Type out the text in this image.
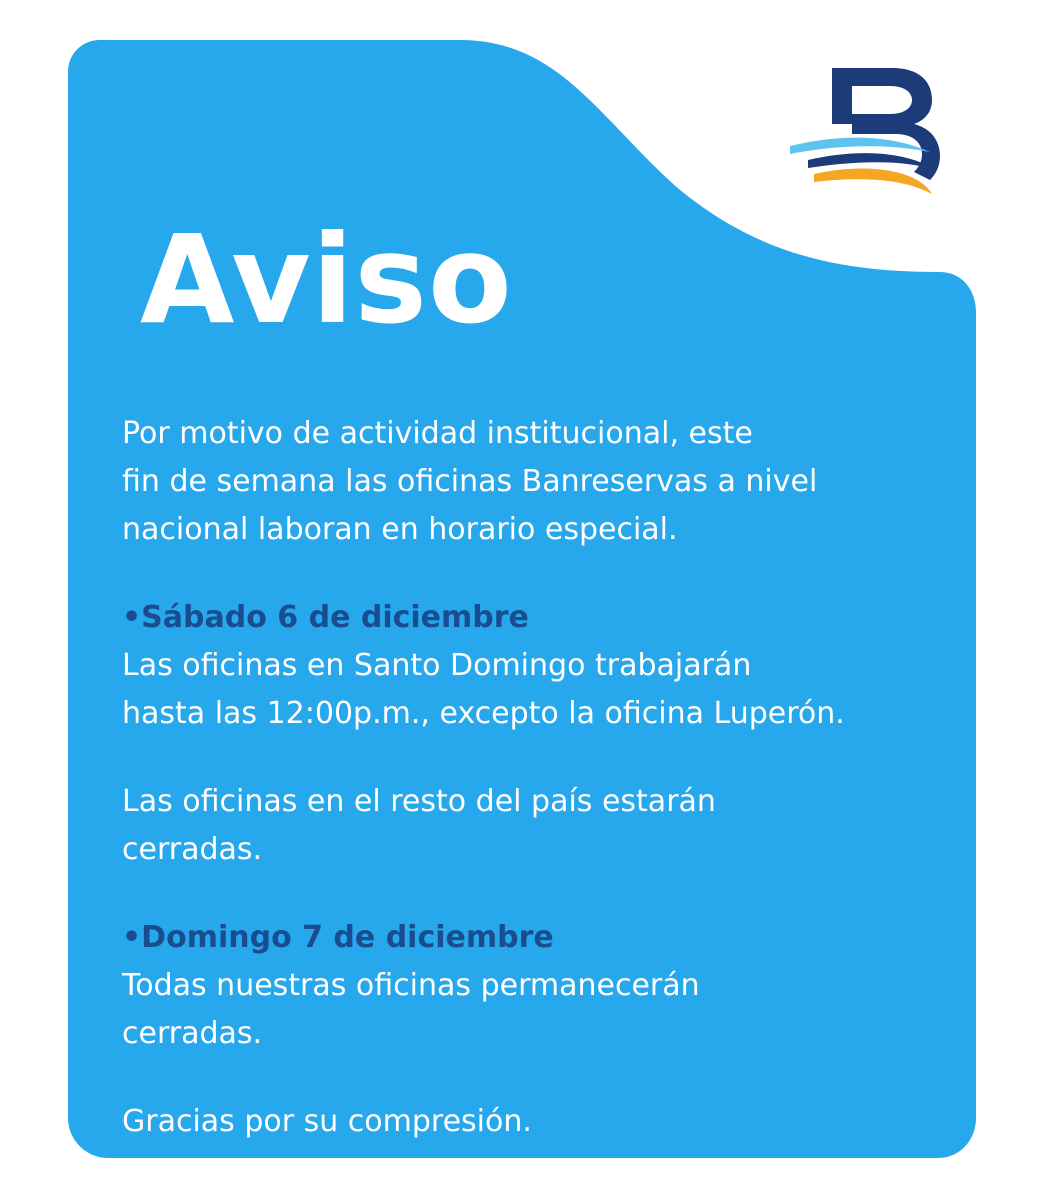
Aviso

Por motivo de actividad institucional, este
fin de semana las oficinas Banreservas a nivel
nacional laboran en horario especial.

•Sábado 6 de diciembre
Las oficinas en Santo Domingo trabajarán
hasta las 12:00p.m., excepto la oficina Luperón.

Las oficinas en el resto del país estarán
cerradas.

•Domingo 7 de diciembre
Todas nuestras oficinas permanecerán
cerradas.

Gracias por su compresión.
